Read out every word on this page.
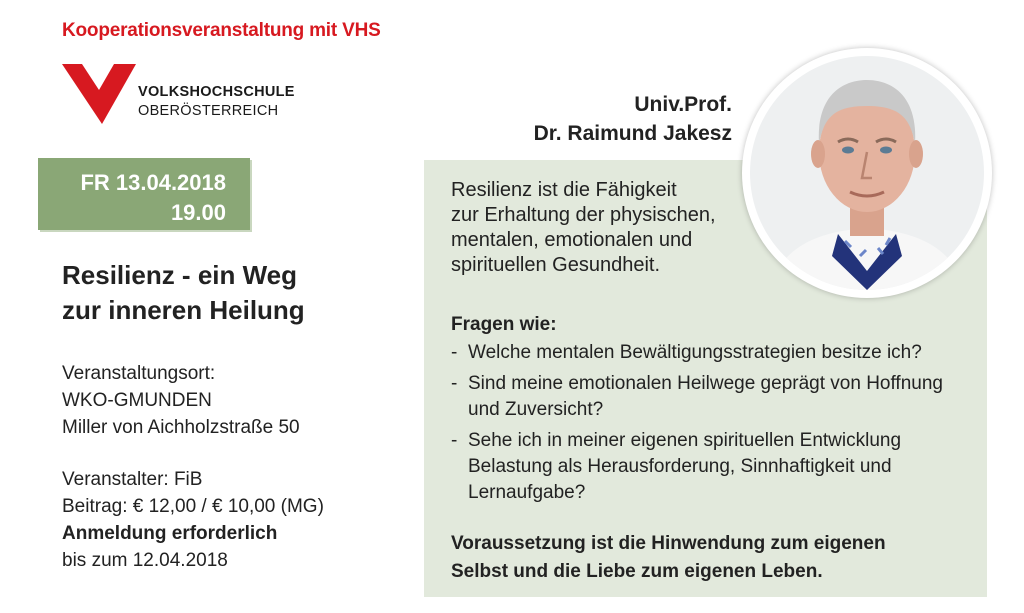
Kooperationsveranstaltung mit VHS
VOLKSHOCHSCHULE
OBERÖSTERREICH
FR 13.04.2018
19.00
Resilienz - ein Weg
zur inneren Heilung
Veranstaltungsort:
WKO-GMUNDEN
Miller von Aichholzstraße 50
Veranstalter: FiB
Beitrag: € 12,00 / € 10,00 (MG)
Anmeldung erforderlich
bis zum 12.04.2018
Univ.Prof.
Dr. Raimund Jakesz
Resilienz ist die Fähigkeit
zur Erhaltung der physischen,
mentalen, emotionalen und
spirituellen Gesundheit.
Fragen wie:
- Welche mentalen Bewältigungsstrategien besitze ich?
- Sind meine emotionalen Heilwege geprägt von Hoffnung
und Zuversicht?
- Sehe ich in meiner eigenen spirituellen Entwicklung
Belastung als Herausforderung, Sinnhaftigkeit und
Lernaufgabe?
Voraussetzung ist die Hinwendung zum eigenen
Selbst und die Liebe zum eigenen Leben.
